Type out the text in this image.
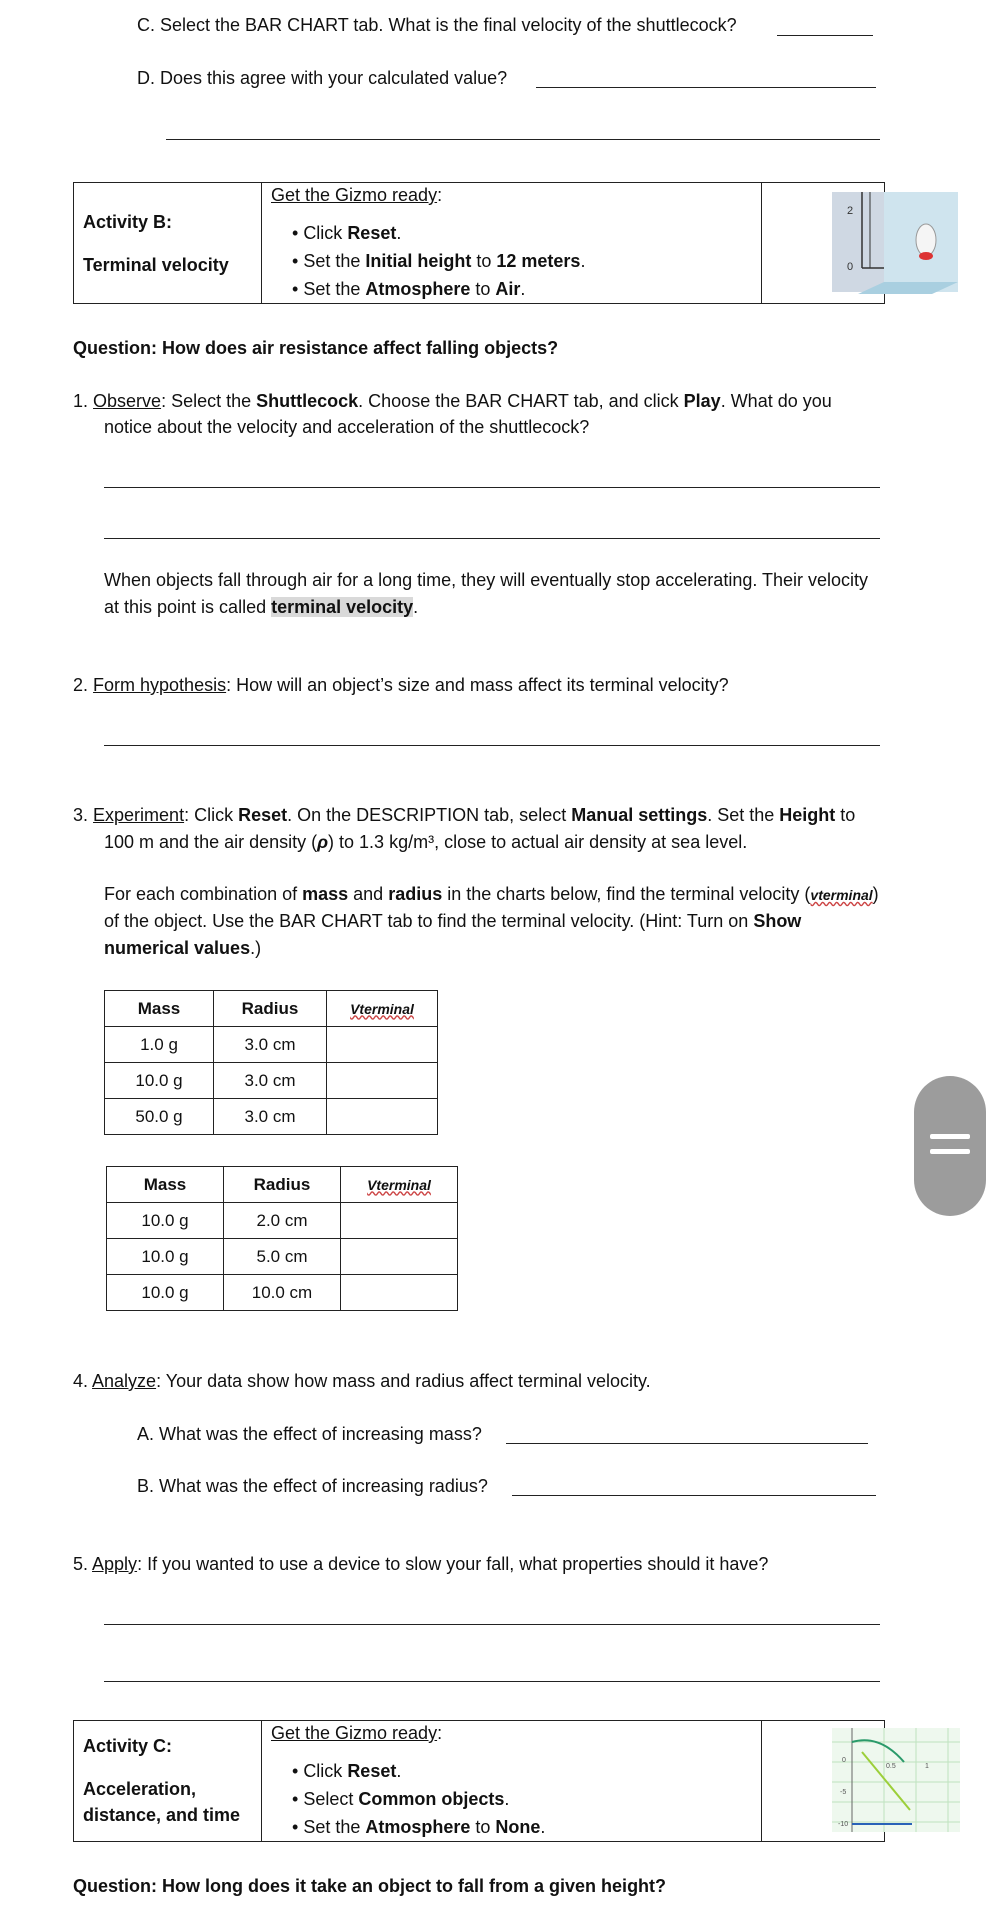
C. Select the BAR CHART tab. What is the final velocity of the shuttlecock?
D. Does this agree with your calculated value?
Activity B:
Terminal velocity
Get the Gizmo ready:
• Click Reset.
• Set the Initial height to 12 meters.
• Set the Atmosphere to Air.
2
0
Question: How does air resistance affect falling objects?
1. Observe: Select the Shuttlecock. Choose the BAR CHART tab, and click Play. What do you
notice about the velocity and acceleration of the shuttlecock?
When objects fall through air for a long time, they will eventually stop accelerating. Their velocity
at this point is called terminal velocity.
2. Form hypothesis: How will an object’s size and mass affect its terminal velocity?
3. Experiment: Click Reset. On the DESCRIPTION tab, select Manual settings. Set the Height to
100 m and the air density (ρ) to 1.3 kg/m³, close to actual air density at sea level.
For each combination of mass and radius in the charts below, find the terminal velocity (vterminal)
of the object. Use the BAR CHART tab to find the terminal velocity. (Hint: Turn on Show
numerical values.)
Mass	Radius	Vterminal
1.0 g	3.0 cm	
10.0 g	3.0 cm	
50.0 g	3.0 cm	
Mass	Radius	Vterminal
10.0 g	2.0 cm	
10.0 g	5.0 cm	
10.0 g	10.0 cm	
4. Analyze: Your data show how mass and radius affect terminal velocity.
A. What was the effect of increasing mass?
B. What was the effect of increasing radius?
5. Apply: If you wanted to use a device to slow your fall, what properties should it have?
Activity C:
Acceleration,
distance, and time
Get the Gizmo ready:
• Click Reset.
• Select Common objects.
• Set the Atmosphere to None.
0
0.5	1
-5
-10
Question: How long does it take an object to fall from a given height?
